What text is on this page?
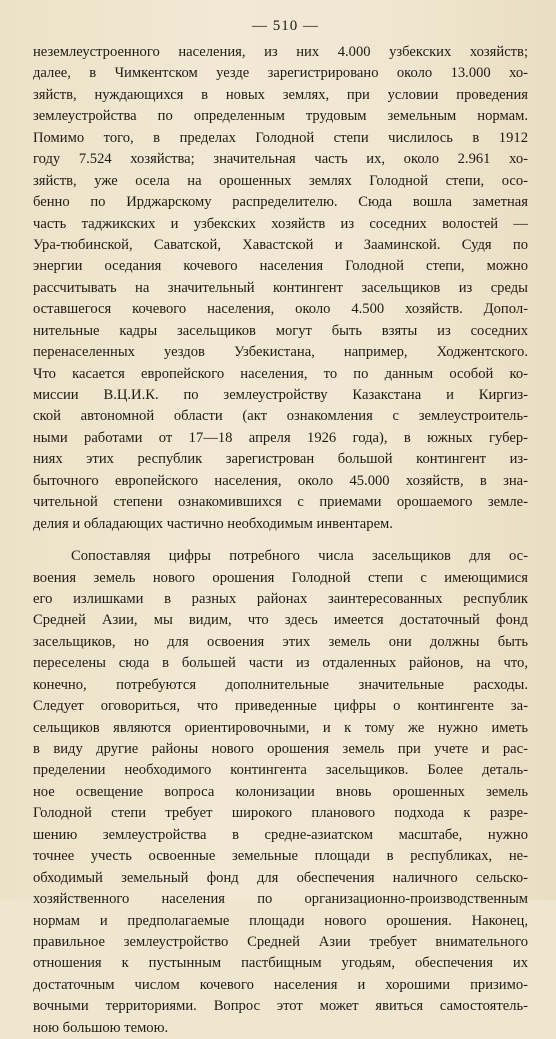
— 510 —
неземлеустроенного населения, из них 4.000 узбекских хозяйств;
далее, в Чимкентском уезде зарегистрировано около 13.000 хо-
зяйств, нуждающихся в новых землях, при условии проведения
землеустройства по определенным трудовым земельным нормам.
Помимо того, в пределах Голодной степи числилось в 1912
году 7.524 хозяйства; значительная часть их, около 2.961 хо-
зяйств, уже осела на орошенных землях Голодной степи, осо-
бенно по Ирджарскому распределителю. Сюда вошла заметная
часть таджикских и узбекских хозяйств из соседних волостей —
Ура-тюбинской, Саватской, Хавастской и Зааминской. Судя по
энергии оседания кочевого населения Голодной степи, можно
рассчитывать на значительный контингент засельщиков из среды
оставшегося кочевого населения, около 4.500 хозяйств. Допол-
нительные кадры засельщиков могут быть взяты из соседних
перенаселенных уездов Узбекистана, например, Ходжентского.
Что касается европейского населения, то по данным особой ко-
миссии В.Ц.И.К. по землеустройству Казакстана и Киргиз-
ской автономной области (акт ознакомления с землеустроитель-
ными работами от 17—18 апреля 1926 года), в южных губер-
ниях этих республик зарегистрован большой контингент из-
быточного европейского населения, около 45.000 хозяйств, в зна-
чительной степени ознакомившихся с приемами орошаемого земле-
делия и обладающих частично необходимым инвентарем.
Сопоставляя цифры потребного числа засельщиков для ос-
воения земель нового орошения Голодной степи с имеющимися
его излишками в разных районах заинтересованных республик
Средней Азии, мы видим, что здесь имеется достаточный фонд
засельщиков, но для освоения этих земель они должны быть
переселены сюда в большей части из отдаленных районов, на что,
конечно, потребуются дополнительные значительные расходы.
Следует оговориться, что приведенные цифры о контингенте за-
сельщиков являются ориентировочными, и к тому же нужно иметь
в виду другие районы нового орошения земель при учете и рас-
пределении необходимого контингента засельщиков. Более деталь-
ное освещение вопроса колонизации вновь орошенных земель
Голодной степи требует широкого планового подхода к разре-
шению землеустройства в средне-азиатском масштабе, нужно
точнее учесть освоенные земельные площади в республиках, не-
обходимый земельный фонд для обеспечения наличного сельско-
хозяйственного населения по организационно-производственным
нормам и предполагаемые площади нового орошения. Наконец,
правильное землеустройство Средней Азии требует внимательного
отношения к пустынным пастбищным угодьям, обеспечения их
достаточным числом кочевого населения и хорошими призимо-
вочными территориями. Вопрос этот может явиться самостоятель-
ною большою темою.
